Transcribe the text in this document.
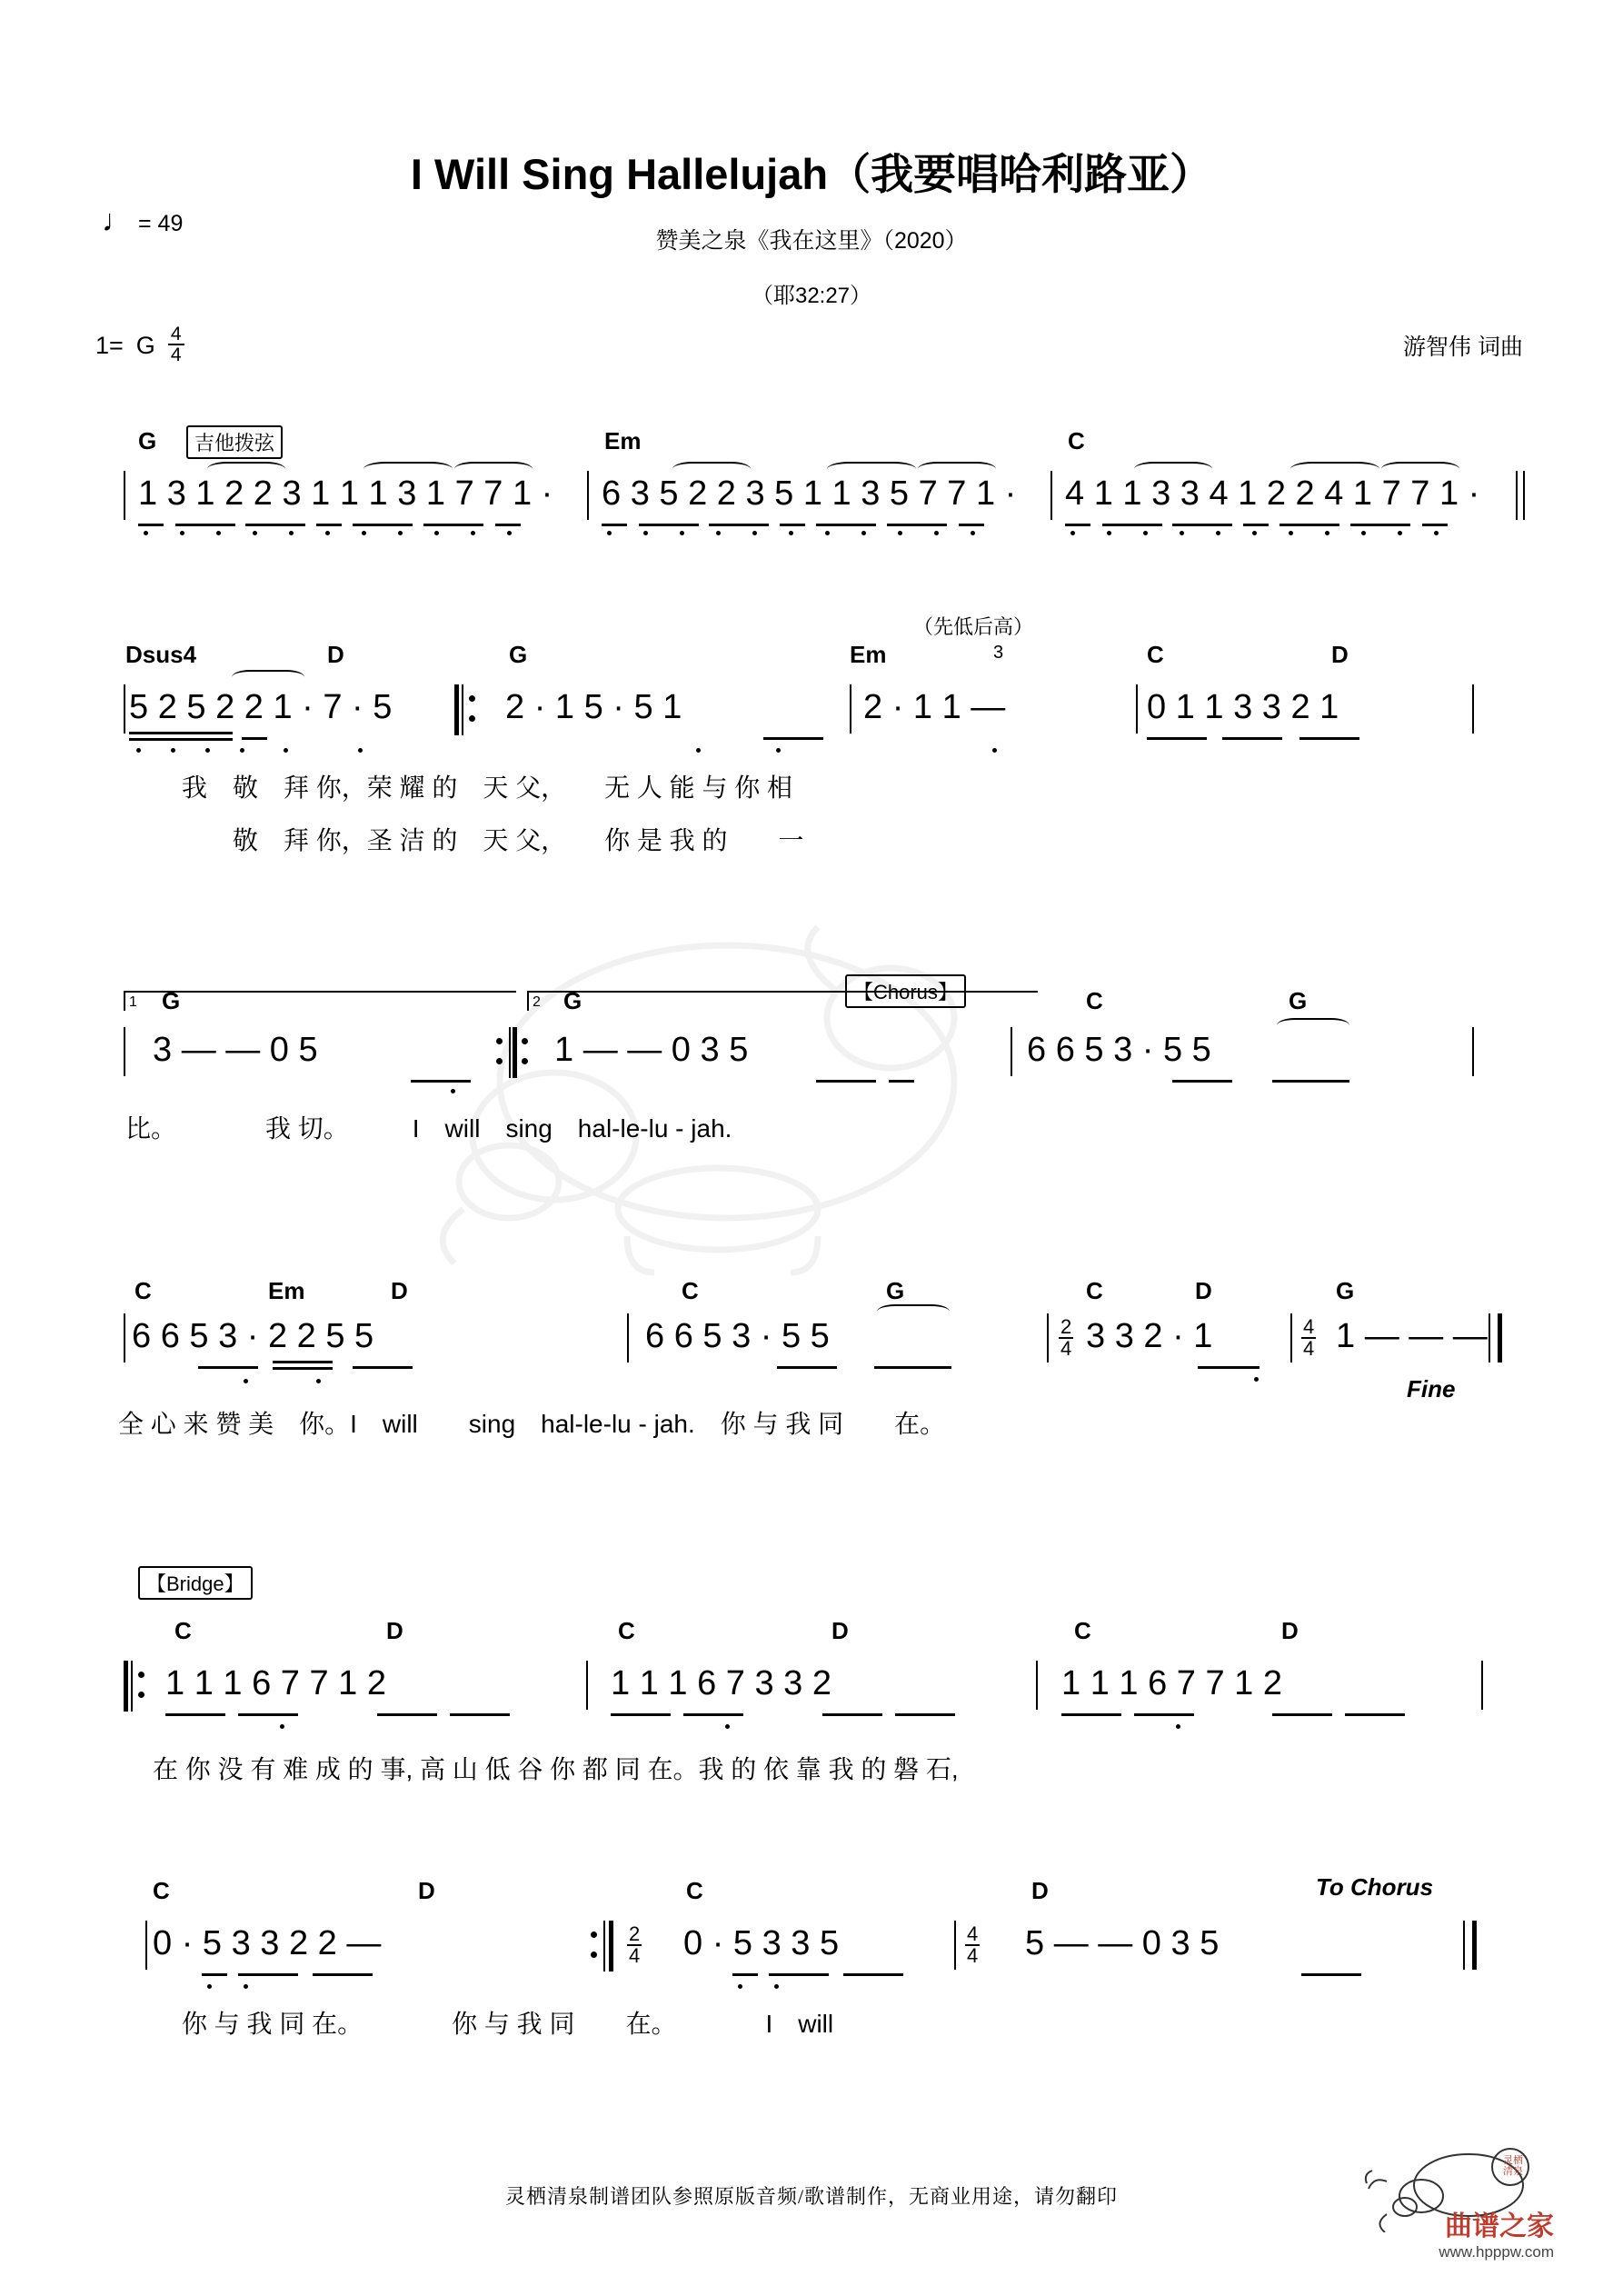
I Will Sing Hallelujah（我要唱哈利路亚）
赞美之泉《我在这里》（2020）
（耶32:27）
♩ = 49
1= G $\frac{4}{4}$	游智伟 词曲
G	吉他拨弦	Em	C
1 3 1 2 2 3 1 1 1 3 1 7 7 1 · 6 3 5 2 2 3 5 1 1 3 5 7 7 1 · 4 1 1 3 3 4 1 2 2 4 1 7 7 1 ·
Dsus4	D	G	Em
（先低后高）
C	D
3
5 2 5 2 2 1 · 7 · 5	2 · 1 5 · 5 1	2 · 1 1 —	0 1 1 3 3 2 1
我　敬　拜 你，荣 耀 的　天 父，　　无 人 能 与 你 相
　　敬　拜 你，圣 洁 的　天 父，　　你 是 我 的　　一
1	2
G	G	【Chorus】	C	G
3 — — 0 5	1 — — 0 3 5	6 6 5 3 · 5 5
比。　　　　我 切。　　　I　will　sing　hal-le-lu - jah.
C	Em	D	C	G	C	D	G
6 6 5 3 · 2 2 5 5	6 6 5 3 · 5 5	$\frac{2}{4} 3$ 3 2 · 1	$\frac{4}{4} 1$ — — —
Fine
全 心 来 赞 美　你。I　will　　sing　hal-le-lu - jah.　你 与 我 同　　在。
【Bridge】
C	D	C	D	C	D
1 1 1 6 7 7 1 2	1 1 1 6 7 3 3 2	1 1 1 6 7 7 1 2
在 你 没 有 难 成 的 事, 高 山 低 谷 你 都 同 在。我 的 依 靠 我 的 磐 石,
C	D	C	D	To Chorus
0 · 5 3 3 2 2 —	$\frac{2}{4} 0 \cdot 5$ 3 3 5	$\frac{4}{4} 5$ — — 0 3 5
你 与 我 同 在。　　　　你 与 我 同　　在。　　　　I　will
灵栖清泉制谱团队参照原版音频/歌谱制作，无商业用途，请勿翻印
灵栖
清泉
曲谱之家
www.hpppw.com
